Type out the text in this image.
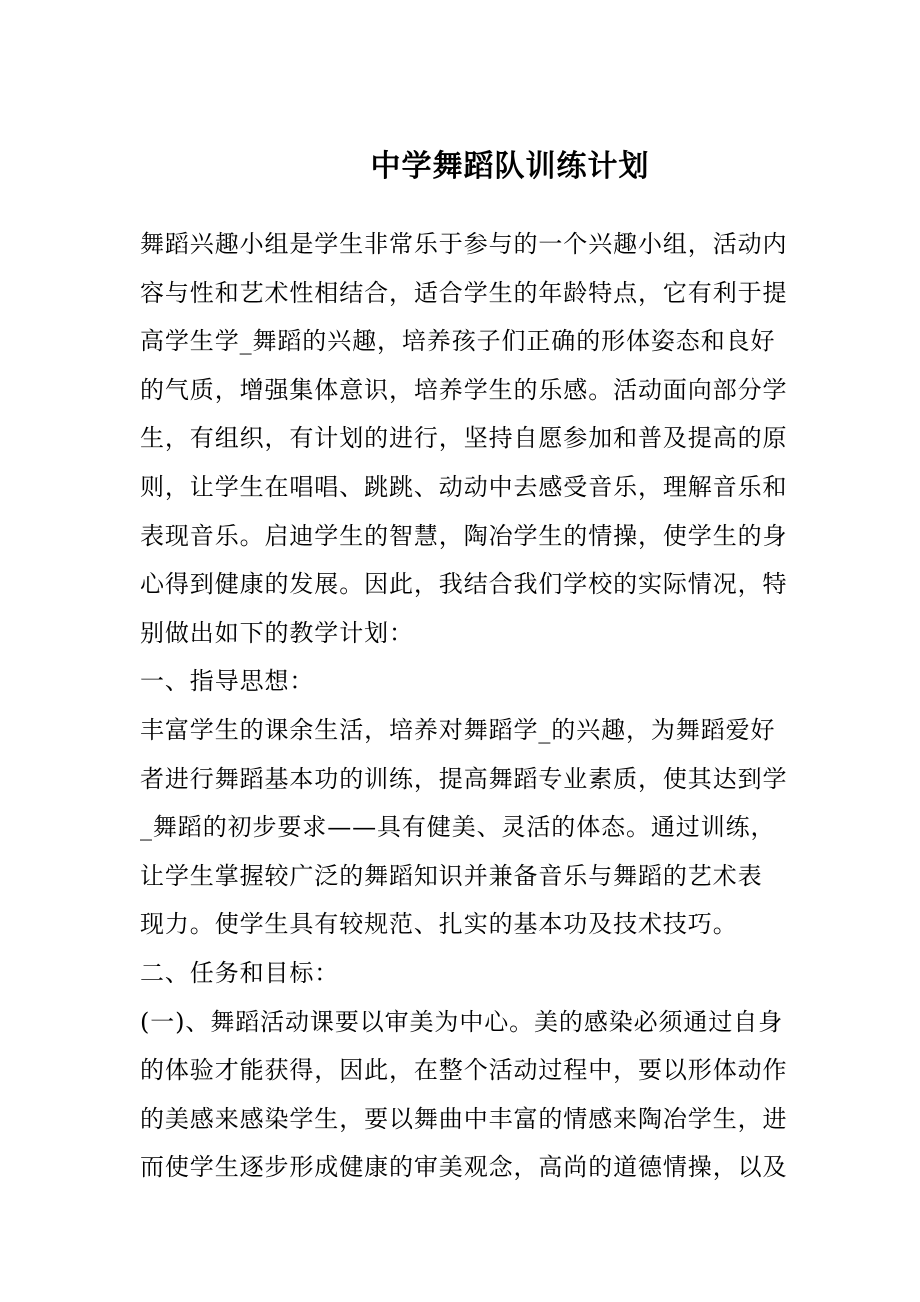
中学舞蹈队训练计划
舞蹈兴趣小组是学生非常乐于参与的一个兴趣小组，活动内
容与性和艺术性相结合，适合学生的年龄特点，它有利于提
高学生学_舞蹈的兴趣，培养孩子们正确的形体姿态和良好
的气质，增强集体意识，培养学生的乐感。活动面向部分学
生，有组织，有计划的进行，坚持自愿参加和普及提高的原
则，让学生在唱唱、跳跳、动动中去感受音乐，理解音乐和
表现音乐。启迪学生的智慧，陶冶学生的情操，使学生的身
心得到健康的发展。因此，我结合我们学校的实际情况，特
别做出如下的教学计划：
一、指导思想：
丰富学生的课余生活，培养对舞蹈学_的兴趣，为舞蹈爱好
者进行舞蹈基本功的训练，提高舞蹈专业素质，使其达到学
_舞蹈的初步要求——具有健美、灵活的体态。通过训练，
让学生掌握较广泛的舞蹈知识并兼备音乐与舞蹈的艺术表
现力。使学生具有较规范、扎实的基本功及技术技巧。
二、任务和目标：
(一)、舞蹈活动课要以审美为中心。美的感染必须通过自身
的体验才能获得，因此，在整个活动过程中，要以形体动作
的美感来感染学生，要以舞曲中丰富的情感来陶冶学生，进
而使学生逐步形成健康的审美观念，高尚的道德情操，以及
